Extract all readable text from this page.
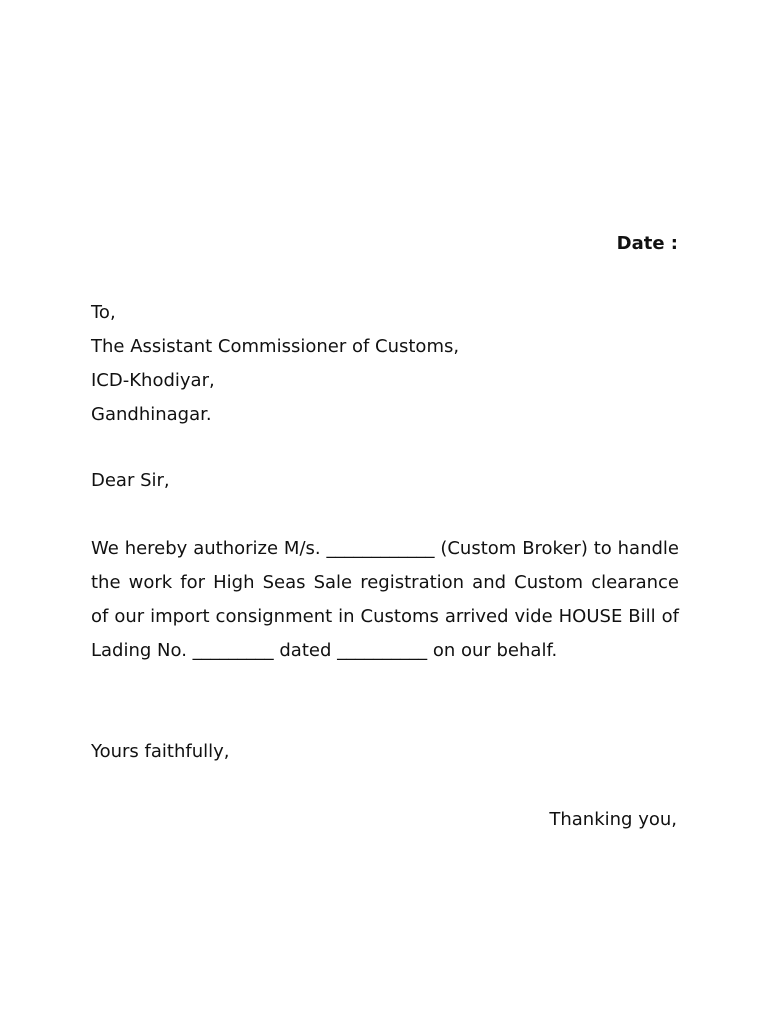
Date :
To,
The Assistant Commissioner of Customs,
ICD-Khodiyar,
Gandhinagar.
Dear Sir,
We hereby authorize M/s. ____________ (Custom Broker) to handle the work for High Seas Sale registration and Custom clearance of our import consignment in Customs arrived vide HOUSE Bill of Lading No. _________ dated __________ on our behalf.
Yours faithfully,
Thanking you,
